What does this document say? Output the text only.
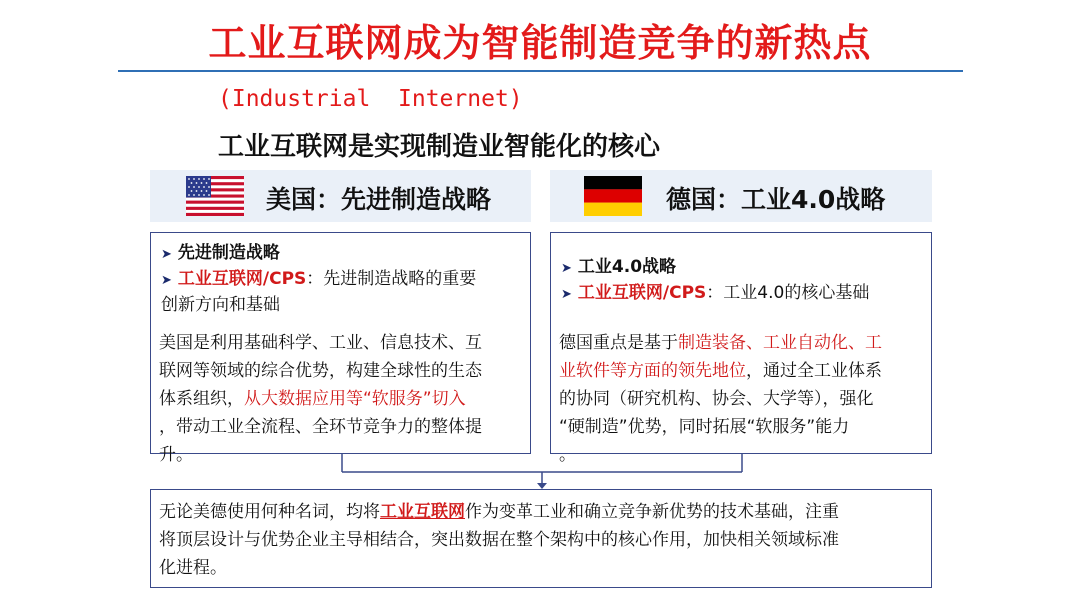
工业互联网成为智能制造竞争的新热点
(Industrial  Internet)
工业互联网是实现制造业智能化的核心
美国：先进制造战略	德国：工业4.0战略
➤ 先进制造战略
➤ 工业互联网/CPS：先进制造战略的重要
创新方向和基础
美国是利用基础科学、工业、信息技术、互
联网等领域的综合优势，构建全球性的生态
体系组织，从大数据应用等“软服务”切入
，带动工业全流程、全环节竞争力的整体提
升。
➤ 工业4.0战略
➤ 工业互联网/CPS：工业4.0的核心基础
德国重点是基于制造装备、工业自动化、工
业软件等方面的领先地位，通过全工业体系
的协同（研究机构、协会、大学等），强化
“硬制造”优势，同时拓展“软服务”能力
。
无论美德使用何种名词，均将工业互联网作为变革工业和确立竞争新优势的技术基础，注重
将顶层设计与优势企业主导相结合，突出数据在整个架构中的核心作用，加快相关领域标准
化进程。
